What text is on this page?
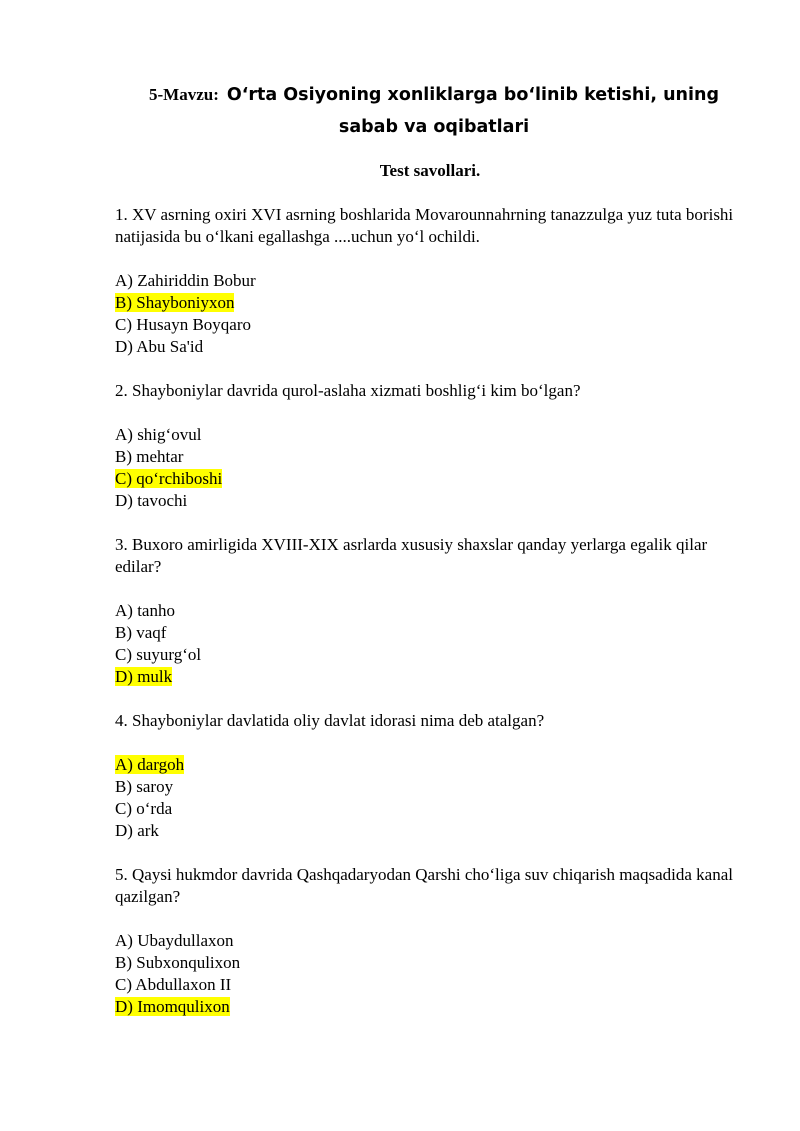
5-Mavzu: O‘rta Osiyoning xonliklarga bo‘linib ketishi, uning sabab va oqibatlari

Test savollari.

1. XV asrning oxiri XVI asrning boshlarida Movarounnahrning tanazzulga yuz tuta borishi natijasida bu o‘lkani egallashga ....uchun yo‘l ochildi.

A) Zahiriddin Bobur
B) Shayboniyxon
C) Husayn Boyqaro
D) Abu Sa'id

2. Shayboniylar davrida qurol-aslaha xizmati boshlig‘i kim bo‘lgan?

A) shig‘ovul
B) mehtar
C) qo‘rchiboshi
D) tavochi

3. Buxoro amirligida XVIII-XIX asrlarda xususiy shaxslar qanday yerlarga egalik qilar edilar?

A) tanho
B) vaqf
C) suyurg‘ol
D) mulk

4. Shayboniylar davlatida oliy davlat idorasi nima deb atalgan?

A) dargoh
B) saroy
C) o‘rda
D) ark

5. Qaysi hukmdor davrida Qashqadaryodan Qarshi cho‘liga suv chiqarish maqsadida kanal qazilgan?

A) Ubaydullaxon
B) Subxonqulixon
C) Abdullaxon II
D) Imomqulixon
